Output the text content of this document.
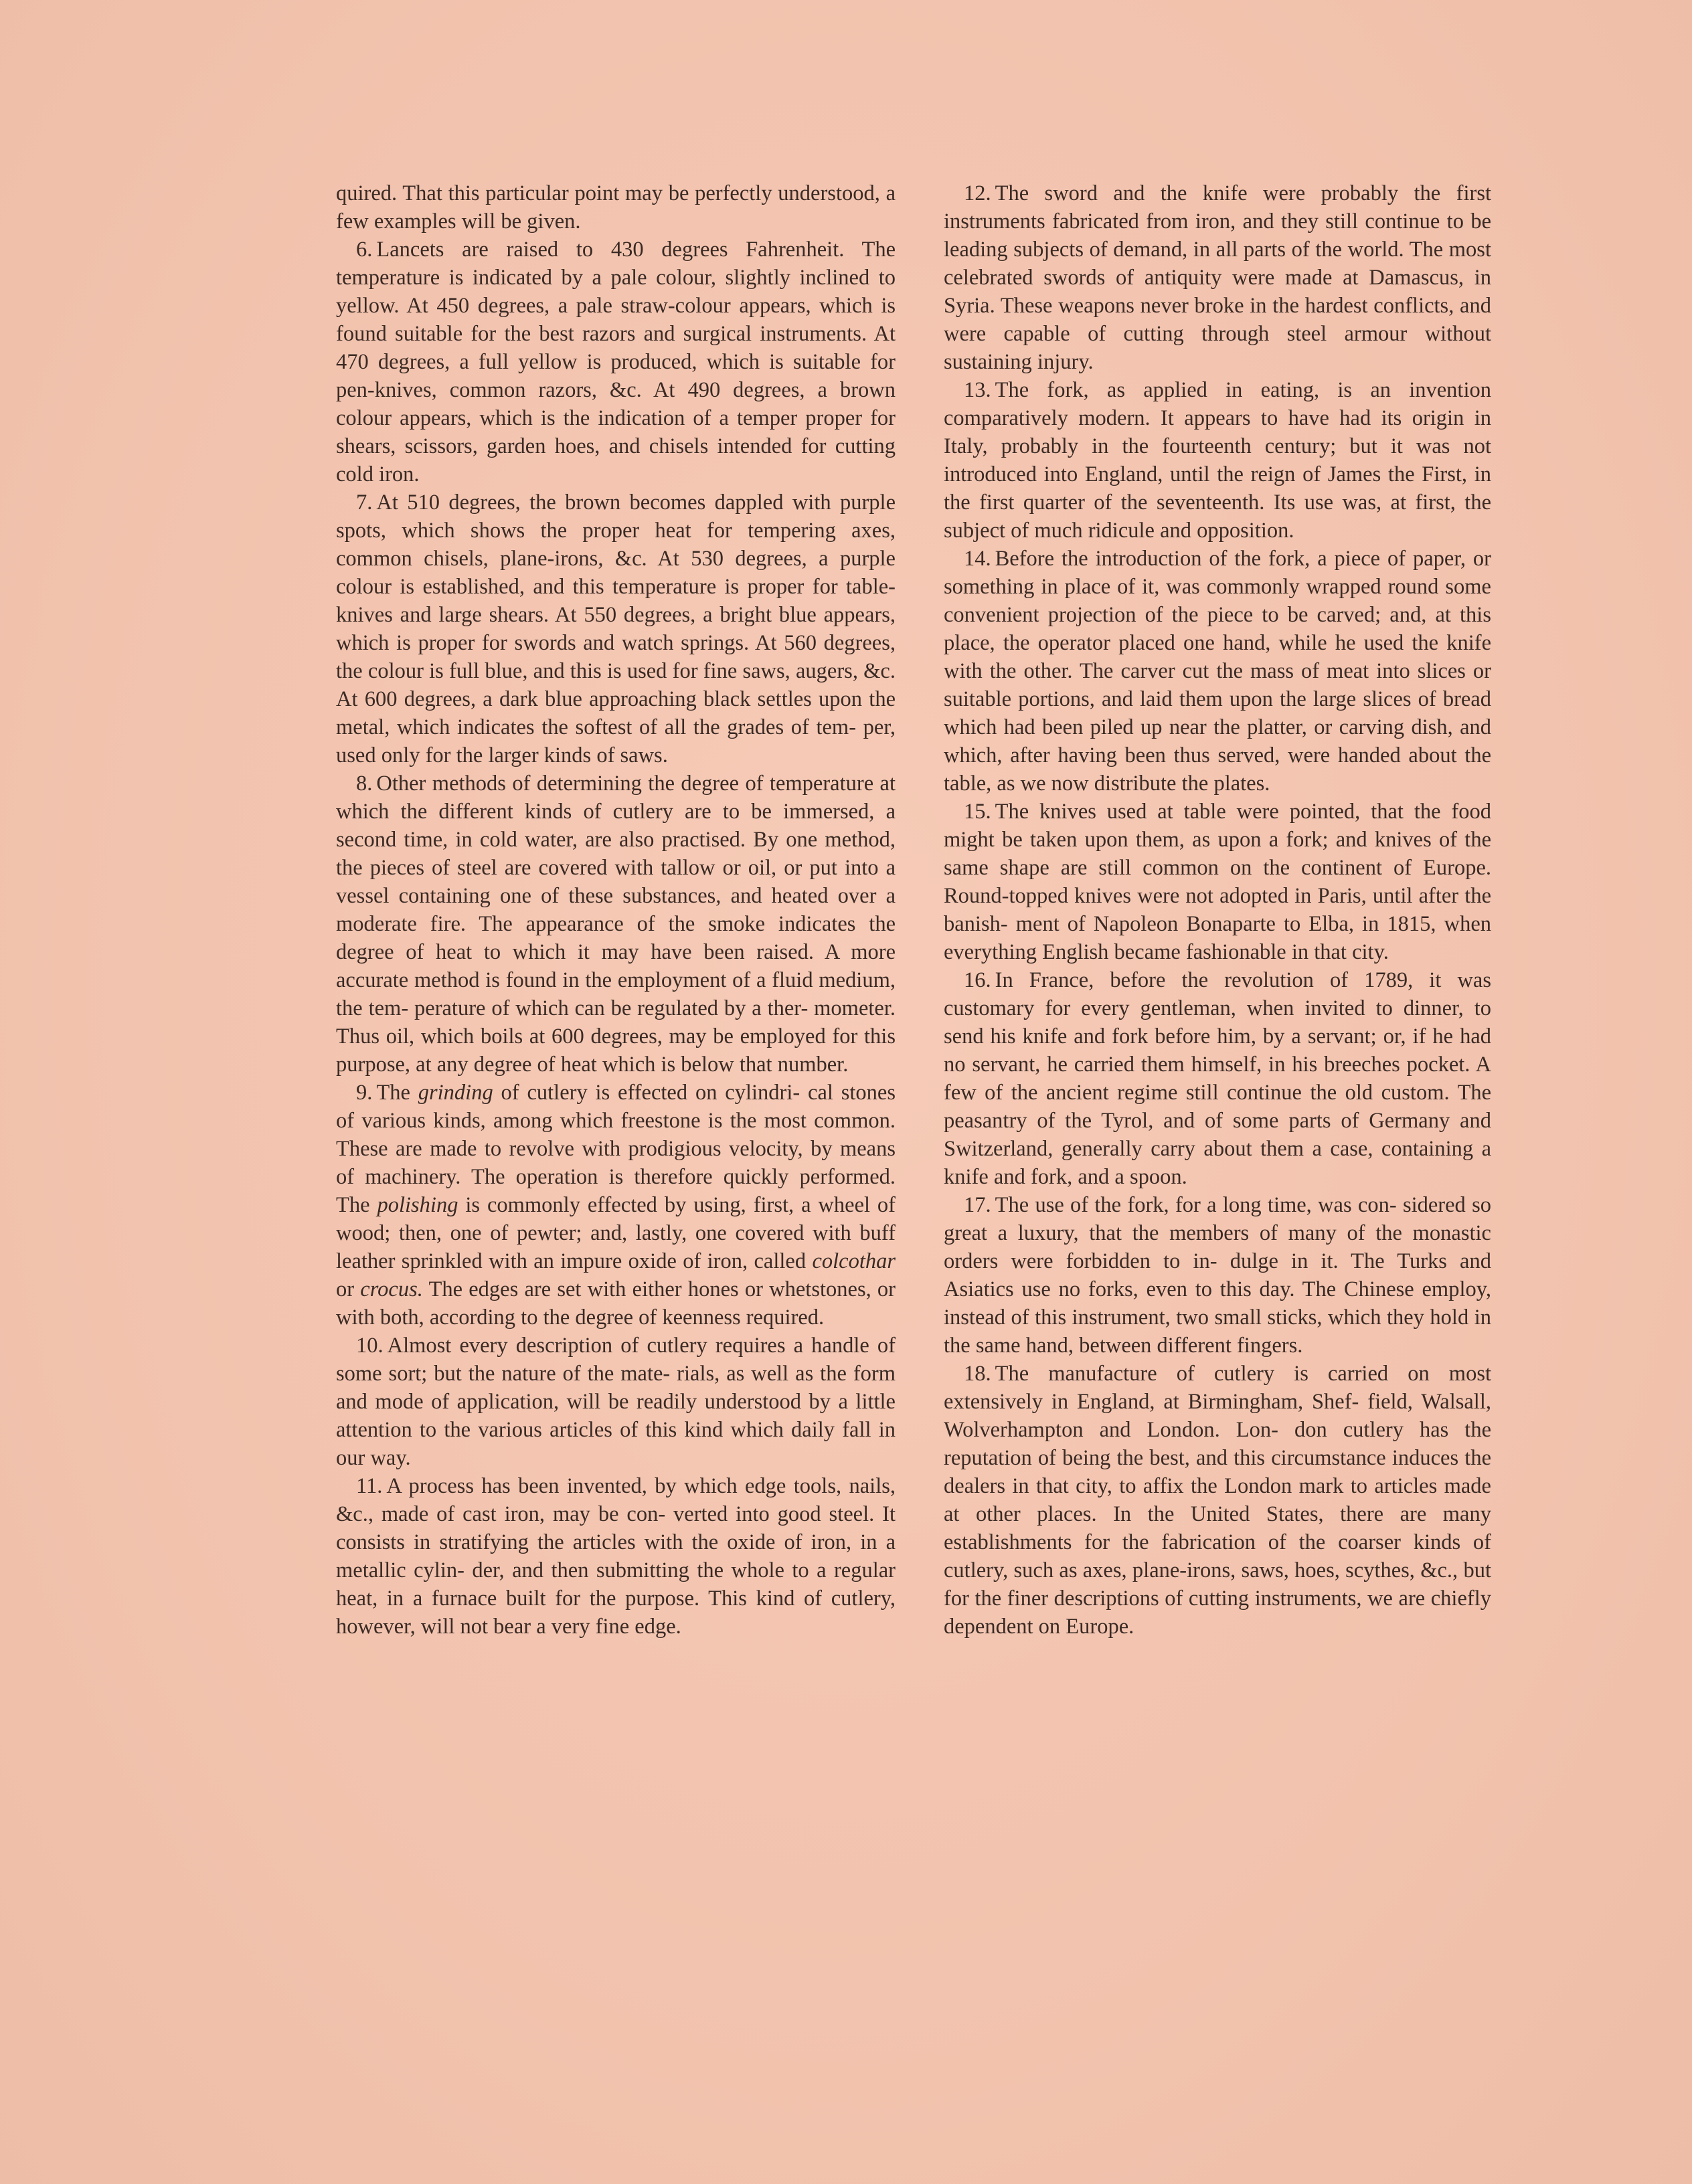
quired. That this particular point may be perfectly understood, a few examples will be given.

6. Lancets are raised to 430 degrees Fahrenheit. The temperature is indicated by a pale colour, slightly inclined to yellow. At 450 degrees, a pale straw-colour appears, which is found suitable for the best razors and surgical instruments. At 470 degrees, a full yellow is produced, which is suitable for pen-knives, common razors, &c. At 490 degrees, a brown colour appears, which is the indication of a temper proper for shears, scissors, garden hoes, and chisels intended for cutting cold iron.

7. At 510 degrees, the brown becomes dappled with purple spots, which shows the proper heat for tempering axes, common chisels, plane-irons, &c. At 530 degrees, a purple colour is established, and this temperature is proper for table-knives and large shears. At 550 degrees, a bright blue appears, which is proper for swords and watch springs. At 560 degrees, the colour is full blue, and this is used for fine saws, augers, &c. At 600 degrees, a dark blue approaching black settles upon the metal, which indicates the softest of all the grades of tem- per, used only for the larger kinds of saws.

8. Other methods of determining the degree of temperature at which the different kinds of cutlery are to be immersed, a second time, in cold water, are also practised. By one method, the pieces of steel are covered with tallow or oil, or put into a vessel containing one of these substances, and heated over a moderate fire. The appearance of the smoke indicates the degree of heat to which it may have been raised. A more accurate method is found in the employment of a fluid medium, the tem- perature of which can be regulated by a ther- mometer. Thus oil, which boils at 600 degrees, may be employed for this purpose, at any degree of heat which is below that number.

9. The grinding of cutlery is effected on cylindri- cal stones of various kinds, among which freestone is the most common. These are made to revolve with prodigious velocity, by means of machinery. The operation is therefore quickly performed. The polishing is commonly effected by using, first, a wheel of wood; then, one of pewter; and, lastly, one covered with buff leather sprinkled with an impure oxide of iron, called colcothar or crocus. The edges are set with either hones or whetstones, or with both, according to the degree of keenness required.

10. Almost every description of cutlery requires a handle of some sort; but the nature of the mate- rials, as well as the form and mode of application, will be readily understood by a little attention to the various articles of this kind which daily fall in our way.

11. A process has been invented, by which edge tools, nails, &c., made of cast iron, may be con- verted into good steel. It consists in stratifying the articles with the oxide of iron, in a metallic cylin- der, and then submitting the whole to a regular heat, in a furnace built for the purpose. This kind of cutlery, however, will not bear a very fine edge.

12. The sword and the knife were probably the first instruments fabricated from iron, and they still continue to be leading subjects of demand, in all parts of the world. The most celebrated swords of antiquity were made at Damascus, in Syria. These weapons never broke in the hardest conflicts, and were capable of cutting through steel armour without sustaining injury.

13. The fork, as applied in eating, is an invention comparatively modern. It appears to have had its origin in Italy, probably in the fourteenth century; but it was not introduced into England, until the reign of James the First, in the first quarter of the seventeenth. Its use was, at first, the subject of much ridicule and opposition.

14. Before the introduction of the fork, a piece of paper, or something in place of it, was commonly wrapped round some convenient projection of the piece to be carved; and, at this place, the operator placed one hand, while he used the knife with the other. The carver cut the mass of meat into slices or suitable portions, and laid them upon the large slices of bread which had been piled up near the platter, or carving dish, and which, after having been thus served, were handed about the table, as we now distribute the plates.

15. The knives used at table were pointed, that the food might be taken upon them, as upon a fork; and knives of the same shape are still common on the continent of Europe. Round-topped knives were not adopted in Paris, until after the banish- ment of Napoleon Bonaparte to Elba, in 1815, when everything English became fashionable in that city.

16. In France, before the revolution of 1789, it was customary for every gentleman, when invited to dinner, to send his knife and fork before him, by a servant; or, if he had no servant, he carried them himself, in his breeches pocket. A few of the ancient regime still continue the old custom. The peasantry of the Tyrol, and of some parts of Germany and Switzerland, generally carry about them a case, containing a knife and fork, and a spoon.

17. The use of the fork, for a long time, was con- sidered so great a luxury, that the members of many of the monastic orders were forbidden to in- dulge in it. The Turks and Asiatics use no forks, even to this day. The Chinese employ, instead of this instrument, two small sticks, which they hold in the same hand, between different fingers.

18. The manufacture of cutlery is carried on most extensively in England, at Birmingham, Shef- field, Walsall, Wolverhampton and London. Lon- don cutlery has the reputation of being the best, and this circumstance induces the dealers in that city, to affix the London mark to articles made at other places. In the United States, there are many establishments for the fabrication of the coarser kinds of cutlery, such as axes, plane-irons, saws, hoes, scythes, &c., but for the finer descriptions of cutting instruments, we are chiefly dependent on Europe.
